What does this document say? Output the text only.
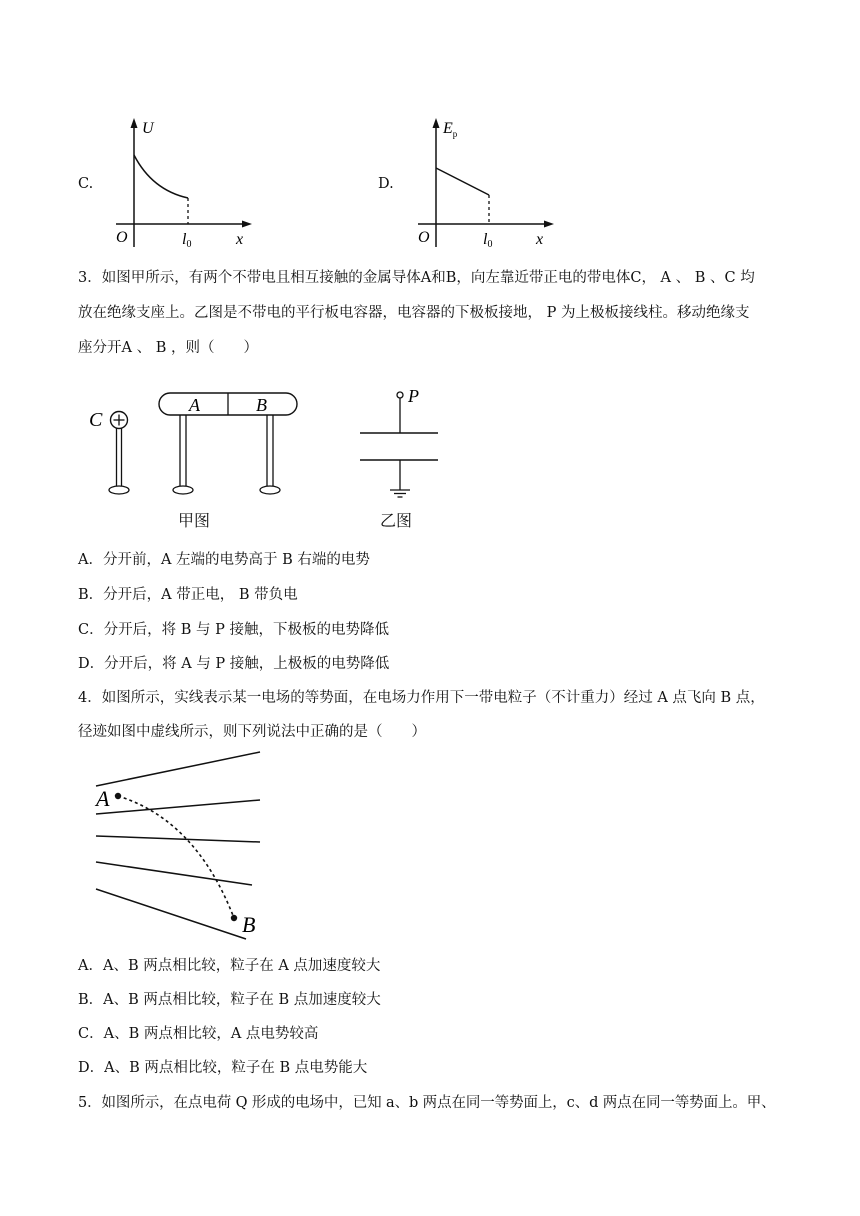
C.
U
O	l0	x
D.
$E_p$
O	l0	x
3．如图甲所示，有两个不带电且相互接触的金属导体A和B，向左靠近带正电的带电体C， A 、 B 、C 均
放在绝缘支座上。乙图是不带电的平行板电容器，电容器的下极板接地， P 为上极板接线柱。移动绝缘支
座分开A 、 B ，则（　　）
C
A	B
甲图
P
乙图
A．分开前，A 左端的电势高于 B 右端的电势
B．分开后，A 带正电， B 带负电
C．分开后，将 B 与 P 接触，下极板的电势降低
D．分开后，将 A 与 P 接触，上极板的电势降低
4．如图所示，实线表示某一电场的等势面，在电场力作用下一带电粒子（不计重力）经过 A 点飞向 B 点，
径迹如图中虚线所示，则下列说法中正确的是（　　）
A
B
A．A、B 两点相比较，粒子在 A 点加速度较大
B．A、B 两点相比较，粒子在 B 点加速度较大
C．A、B 两点相比较，A 点电势较高
D．A、B 两点相比较，粒子在 B 点电势能大
5．如图所示，在点电荷 Q 形成的电场中，已知 a、b 两点在同一等势面上，c、d 两点在同一等势面上。甲、
